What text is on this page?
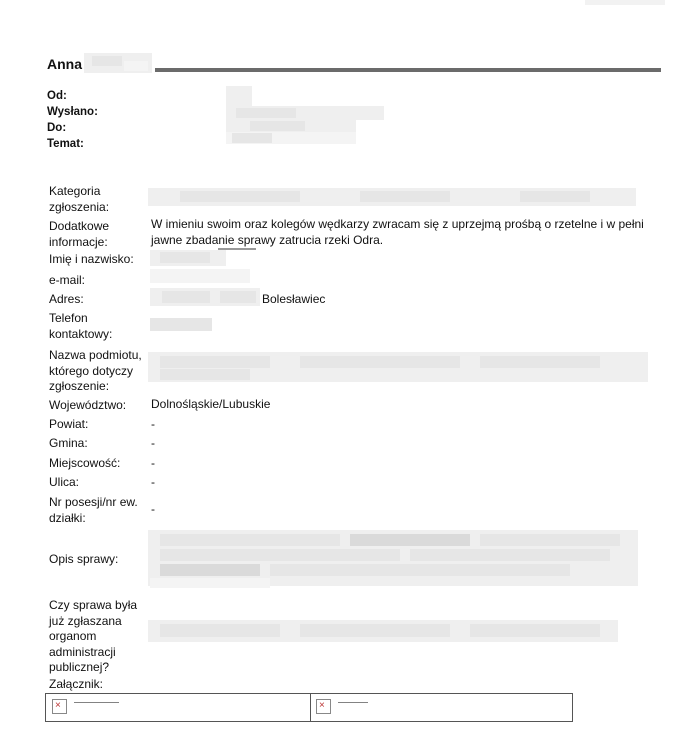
Anna
Od:
Wysłano:
Do:
Temat:
Kategoria
zgłoszenia:
Dodatkowe
informacje:
W imieniu swoim oraz kolegów wędkarzy zwracam się z uprzejmą prośbą o rzetelne i w pełni
jawne zbadanie sprawy zatrucia rzeki Odra.
Imię i nazwisko:
e-mail:
Adres:	Bolesławiec
Telefon
kontaktowy:
Nazwa podmiotu,
którego dotyczy
zgłoszenie:
Województwo: Dolnośląskie/Lubuskie
Powiat:	-
Gmina:	-
Miejscowość:	-
Ulica:	-
Nr posesji/nr ew.
działki:
-
Opis sprawy:
Czy sprawa była
już zgłaszana
organom
administracji
publicznej?
Załącznik:
×	▬▬▬▬▬▬▬▬▬▬▬▬▬▬▬	×	▬▬▬▬▬▬▬▬▬▬
